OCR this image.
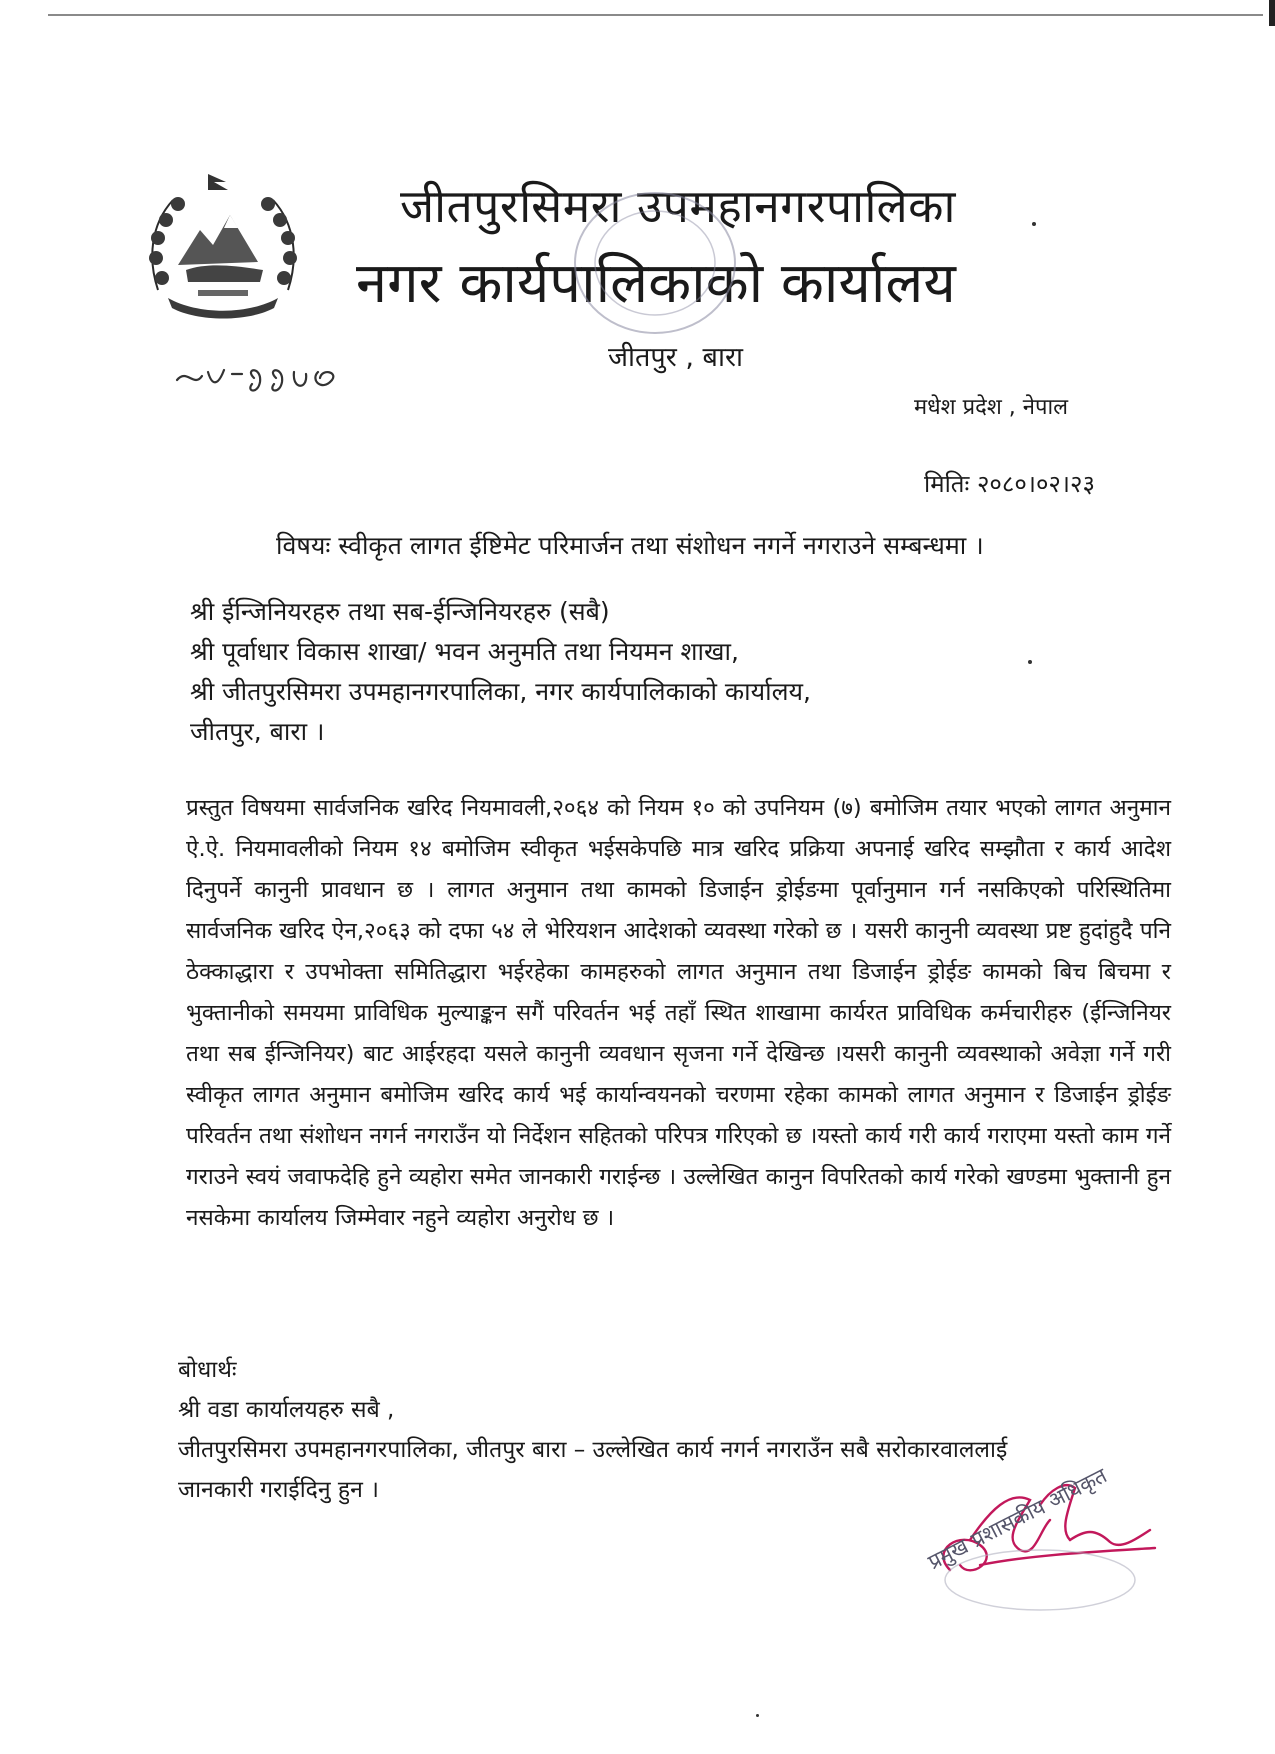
जीतपुरसिमरा उपमहानगरपालिका
नगर कार्यपालिकाको कार्यालय
जीतपुर , बारा
मधेश प्रदेश , नेपाल
मितिः २०८०।०२।२३
विषयः स्वीकृत लागत ईष्टिमेट परिमार्जन तथा संशोधन नगर्ने नगराउने सम्बन्धमा ।
श्री ईन्जिनियरहरु तथा सब-ईन्जिनियरहरु (सबै)
श्री पूर्वाधार विकास शाखा/ भवन अनुमति तथा नियमन शाखा,
श्री जीतपुरसिमरा उपमहानगरपालिका, नगर कार्यपालिकाको कार्यालय,
जीतपुर, बारा ।
प्रस्तुत विषयमा सार्वजनिक खरिद नियमावली,२०६४ को नियम १० को उपनियम (७) बमोजिम तयार भएको लागत अनुमान ऐ.ऐ. नियमावलीको नियम १४ बमोजिम स्वीकृत भईसकेपछि मात्र खरिद प्रक्रिया अपनाई खरिद सम्झौता र कार्य आदेश दिनुपर्ने कानुनी प्रावधान छ । लागत अनुमान तथा कामको डिजाईन ड्रोईङमा पूर्वानुमान गर्न नसकिएको परिस्थितिमा सार्वजनिक खरिद ऐन,२०६३ को दफा ५४ ले भेरियशन आदेशको व्यवस्था गरेको छ । यसरी कानुनी व्यवस्था प्रष्ट हुदांहुदै पनि ठेक्काद्धारा र उपभोक्ता समितिद्धारा भईरहेका कामहरुको लागत अनुमान तथा डिजाईन ड्रोईङ कामको बिच बिचमा र भुक्तानीको समयमा प्राविधिक मुल्याङ्कन सगैं परिवर्तन भई तहाँ स्थित शाखामा कार्यरत प्राविधिक कर्मचारीहरु (ईन्जिनियर तथा सब ईन्जिनियर) बाट आईरहदा यसले कानुनी व्यवधान सृजना गर्ने देखिन्छ ।यसरी कानुनी व्यवस्थाको अवेज्ञा गर्ने गरी स्वीकृत लागत अनुमान बमोजिम खरिद कार्य भई कार्यान्वयनको चरणमा रहेका कामको लागत अनुमान र डिजाईन ड्रोईङ परिवर्तन तथा संशोधन नगर्न नगराउँन यो निर्देशन सहितको परिपत्र गरिएको छ ।यस्तो कार्य गरी कार्य गराएमा यस्तो काम गर्ने गराउने स्वयं जवाफदेहि हुने व्यहोरा समेत जानकारी गराईन्छ । उल्लेखित कानुन विपरितको कार्य गरेको खण्डमा भुक्तानी हुन नसकेमा कार्यालय जिम्मेवार नहुने व्यहोरा अनुरोध छ ।
बोधार्थः
श्री वडा कार्यालयहरु सबै ,
जीतपुरसिमरा उपमहानगरपालिका, जीतपुर बारा – उल्लेखित कार्य नगर्न नगराउँन सबै सरोकारवाललाई
जानकारी गराईदिनु हुन ।	प्रमुख प्रशासकीय अधिकृत
